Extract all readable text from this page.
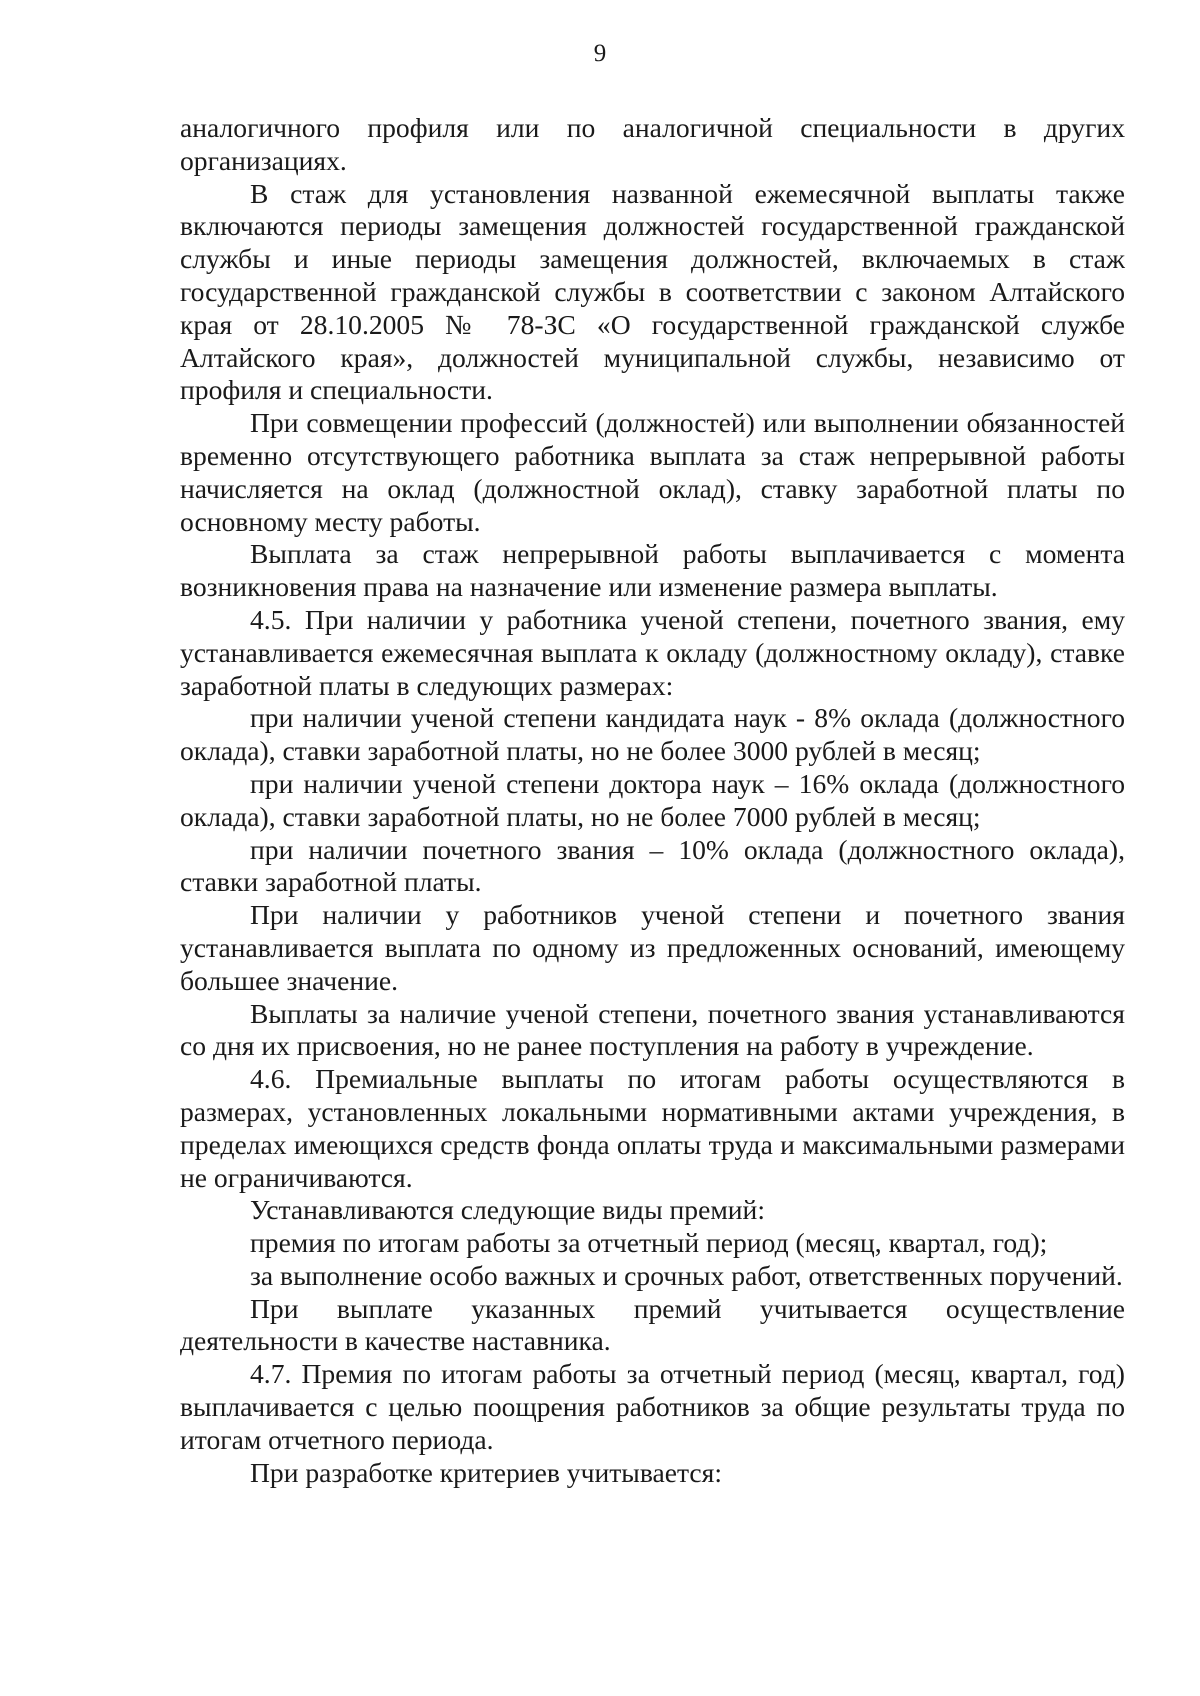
9

аналогичного профиля или по аналогичной специальности в других организациях.

В стаж для установления названной ежемесячной выплаты также включаются периоды замещения должностей государственной гражданской службы и иные периоды замещения должностей, включаемых в стаж государственной гражданской службы в соответствии с законом Алтайского края от 28.10.2005 № 78-ЗС «О государственной гражданской службе Алтайского края», должностей муниципальной службы, независимо от профиля и специальности.

При совмещении профессий (должностей) или выполнении обязанностей временно отсутствующего работника выплата за стаж непрерывной работы начисляется на оклад (должностной оклад), ставку заработной платы по основному месту работы.

Выплата за стаж непрерывной работы выплачивается с момента возникновения права на назначение или изменение размера выплаты.

4.5. При наличии у работника ученой степени, почетного звания, ему устанавливается ежемесячная выплата к окладу (должностному окладу), ставке заработной платы в следующих размерах:

при наличии ученой степени кандидата наук - 8% оклада (должностного оклада), ставки заработной платы, но не более 3000 рублей в месяц;

при наличии ученой степени доктора наук – 16% оклада (должностного оклада), ставки заработной платы, но не более 7000 рублей в месяц;

при наличии почетного звания – 10% оклада (должностного оклада), ставки заработной платы.

При наличии у работников ученой степени и почетного звания устанавливается выплата по одному из предложенных оснований, имеющему большее значение.

Выплаты за наличие ученой степени, почетного звания устанавливаются со дня их присвоения, но не ранее поступления на работу в учреждение.

4.6. Премиальные выплаты по итогам работы осуществляются в размерах, установленных локальными нормативными актами учреждения, в пределах имеющихся средств фонда оплаты труда и максимальными размерами не ограничиваются.

Устанавливаются следующие виды премий:

премия по итогам работы за отчетный период (месяц, квартал, год);

за выполнение особо важных и срочных работ, ответственных поручений.

При выплате указанных премий учитывается осуществление деятельности в качестве наставника.

4.7. Премия по итогам работы за отчетный период (месяц, квартал, год) выплачивается с целью поощрения работников за общие результаты труда по итогам отчетного периода.

При разработке критериев учитывается:
